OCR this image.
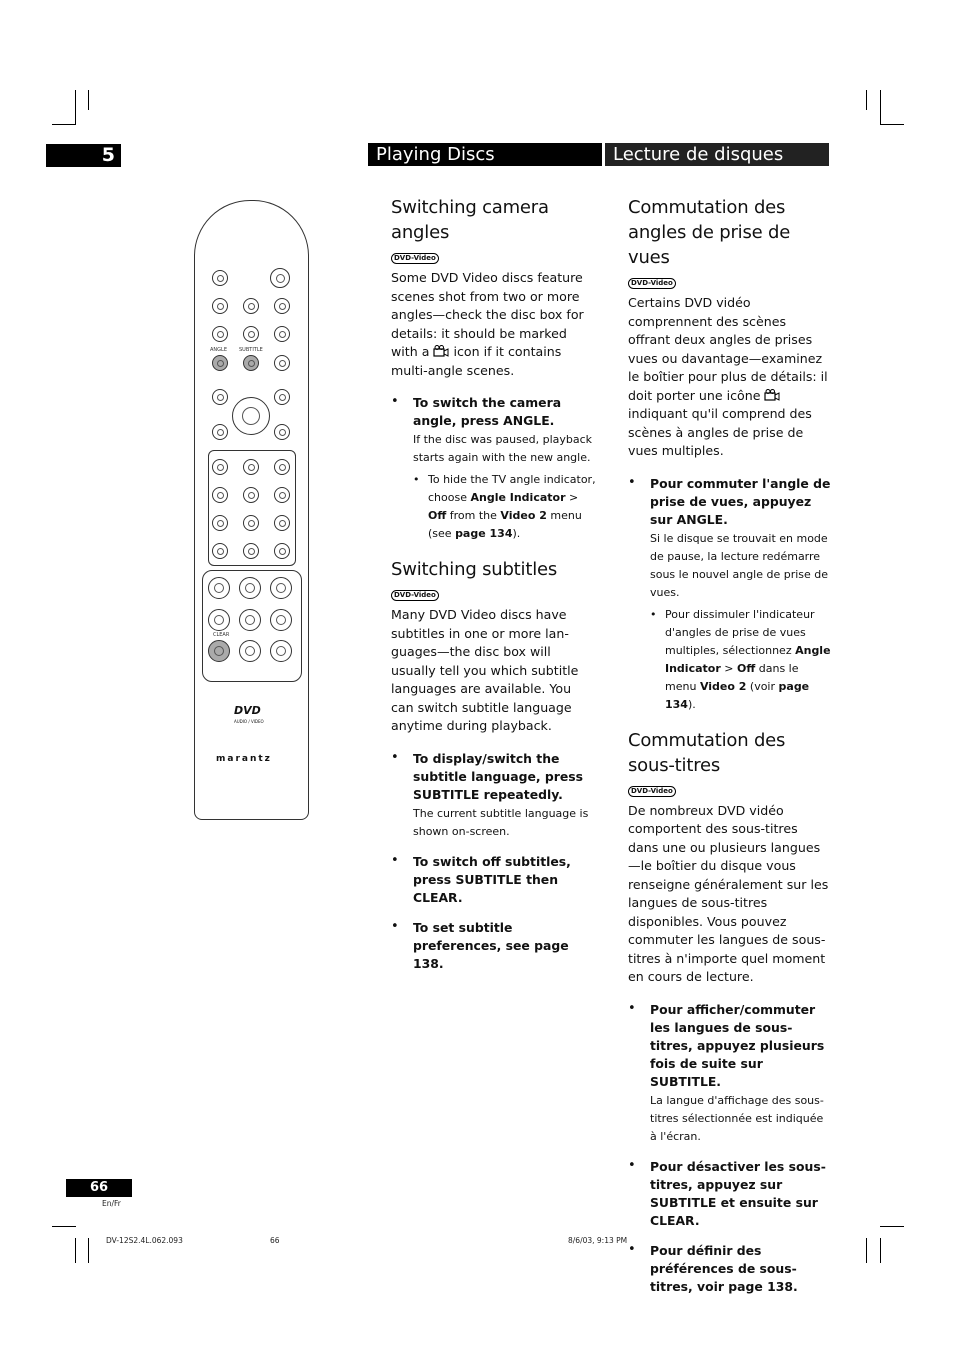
5	Playing Discs	Lecture de disques
ANGLE SUBTITLE
CLEAR
DVD
AUDIO / VIDEO
marantz
Switching camera angles
DVD-Video

Some DVD Video discs feature scenes shot from two or more angles—check the disc box for details: it should be marked with a icon if it contains multi-angle scenes.

• To switch the camera angle, press ANGLE.
If the disc was paused, playback starts again with the new angle.
• To hide the TV angle indicator, choose Angle Indicator > Off from the Video 2 menu (see page 134).
Switching subtitles
DVD-Video

Many DVD Video discs have subtitles in one or more lan-guages—the disc box will usually tell you which subtitle languages are available. You can switch subtitle language anytime during playback.

• To display/switch the subtitle language, press SUBTITLE repeatedly.
The current subtitle language is shown on-screen.
• To switch off subtitles, press SUBTITLE then CLEAR.
• To set subtitle preferences, see page 138.
Commutation des angles de prise de vues
DVD-Video

Certains DVD vidéo comprennent des scènes offrant deux angles de prises vues ou davantage—examinez le boîtier pour plus de détails: il doit porter une icône  indiquant qu'il comprend des scènes à angles de prise de vues multiples.

• Pour commuter l'angle de prise de vues, appuyez sur ANGLE.
Si le disque se trouvait en mode de pause, la lecture redémarre sous le nouvel angle de prise de vues.
• Pour dissimuler l'indicateur d'angles de prise de vues multiples, sélectionnez Angle Indicator > Off dans le menu Video 2 (voir page 134).
Commutation des sous-titres
DVD-Video

De nombreux DVD vidéo comportent des sous-titres dans une ou plusieurs langues—le boîtier du disque vous renseigne généralement sur les langues de sous-titres disponibles. Vous pouvez commuter les langues de sous-titres à n'importe quel moment en cours de lecture.

• Pour afficher/commuter les langues de sous-titres, appuyez plusieurs fois de suite sur SUBTITLE.
La langue d'affichage des sous-titres sélectionnée est indiquée à l'écran.
• Pour désactiver les sous-titres, appuyez sur SUBTITLE et ensuite sur CLEAR.
• Pour définir des préférences de sous-titres, voir page 138.
66
En/Fr
DV-12S2.4L.062.093	66	8/6/03, 9:13 PM
